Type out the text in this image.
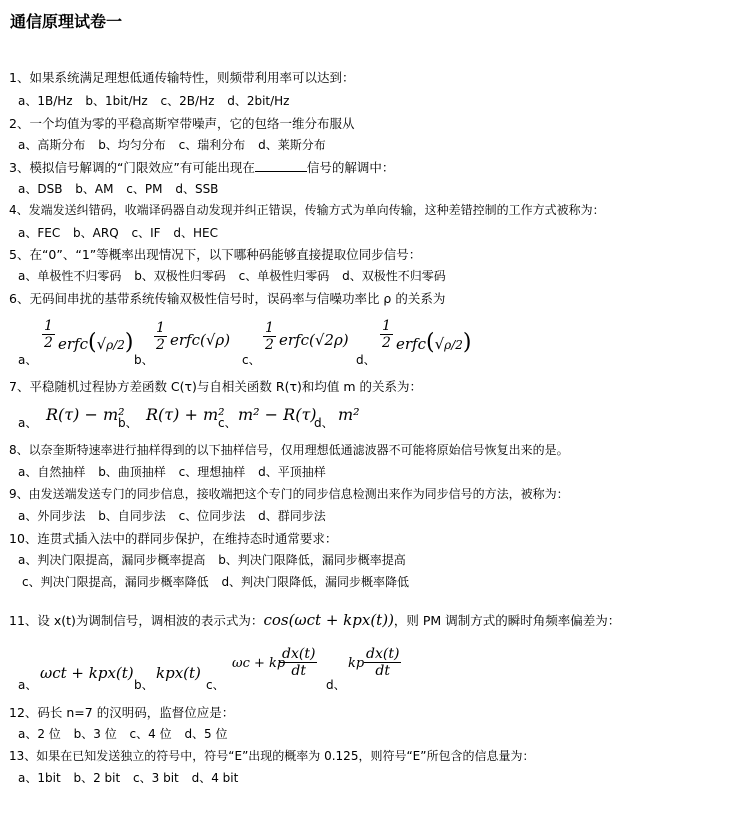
通信原理试卷一
1、如果系统满足理想低通传输特性，则频带利用率可以达到：
a、1B/Hz b、1bit/Hz c、2B/Hz d、2bit/Hz
2、一个均值为零的平稳高斯窄带噪声，它的包络一维分布服从
a、高斯分布 b、均匀分布 c、瑞利分布 d、莱斯分布
3、模拟信号解调的“门限效应”有可能出现在	信号的解调中：
a、DSB b、AM c、PM d、SSB
4、发端发送纠错码，收端译码器自动发现并纠正错误，传输方式为单向传输，这种差错控制的工作方式被称为：
a、FEC b、ARQ c、IF d、HEC
5、在“0”、“1”等概率出现情况下，以下哪种码能够直接提取位同步信号：
a、单极性不归零码 b、双极性归零码 c、单极性归零码 d、双极性不归零码
6、无码间串扰的基带系统传输双极性信号时，误码率与信噪功率比 ρ 的关系为
a、
$\frac{1}{2}$ erfc(√ρ/2)
b、
$\frac{1}{2}$ erfc(√ρ)
c、
$\frac{1}{2}$ erfc(√2ρ)
d、
$\frac{1}{2}$ erfc(√ρ/2)
7、平稳随机过程协方差函数 C(τ)与自相关函数 R(τ)和均值 m 的关系为：
a、 R(τ) − m²
b、 R(τ) + m²
c、 m² − R(τ)
d、 m²
8、以奈奎斯特速率进行抽样得到的以下抽样信号，仅用理想低通滤波器不可能将原始信号恢复出来的是。
a、自然抽样 b、曲顶抽样 c、理想抽样 d、平顶抽样
9、由发送端发送专门的同步信息，接收端把这个专门的同步信息检测出来作为同步信号的方法，被称为：
a、外同步法 b、自同步法 c、位同步法 d、群同步法
10、连贯式插入法中的群同步保护，在维持态时通常要求：
a、判决门限提高，漏同步概率提高 b、判决门限降低，漏同步概率提高
c、判决门限提高，漏同步概率降低 d、判决门限降低，漏同步概率降低
11、设 x(t)为调制信号，调相波的表示式为：cos(ωct + kpx(t))，则 PM 调制方式的瞬时角频率偏差为：
a、
ωct + kpx(t)
b、
kpx(t)
c、
ωc + kp
$\frac{dx(t)}{dt}$
d、
kp $\frac{dx(t)}{dt}$
12、码长 n=7 的汉明码，监督位应是：
a、2 位 b、3 位 c、4 位 d、5 位
13、如果在已知发送独立的符号中，符号“E”出现的概率为 0.125，则符号“E”所包含的信息量为：
a、1bit b、2 bit c、3 bit d、4 bit
